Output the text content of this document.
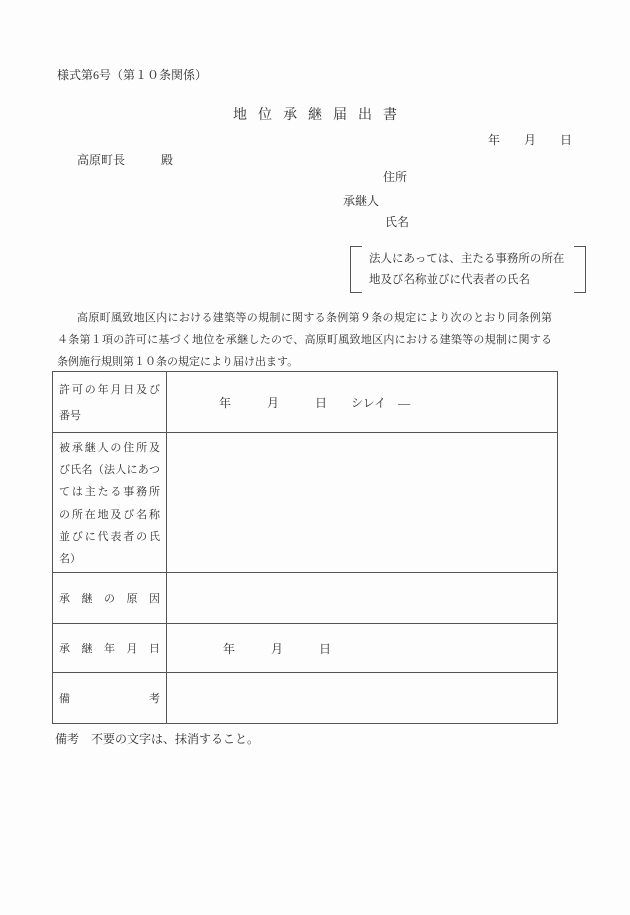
様式第6号（第１０条関係）
地位承継届出書
年　　月　　日
高原町長　　　殿
住所
承継人
氏名
法人にあっては、主たる事務所の所在
地及び名称並びに代表者の氏名
高原町風致地区内における建築等の規制に関する条例第９条の規定により次のとおり同条例第
４条第１項の許可に基づく地位を承継したので、高原町風致地区内における建築等の規制に関する
条例施行規則第１０条の規定により届け出ます。
許可の年月日及び
番号
年　　　月　　　日　　シレイ　―
被承継人の住所及
び氏名（法人にあつ
ては主たる事務所
の所在地及び名称
並びに代表者の氏
名）
承継の原因
承継年月日	年　　　月　　　日
備考
備考　不要の文字は、抹消すること。
